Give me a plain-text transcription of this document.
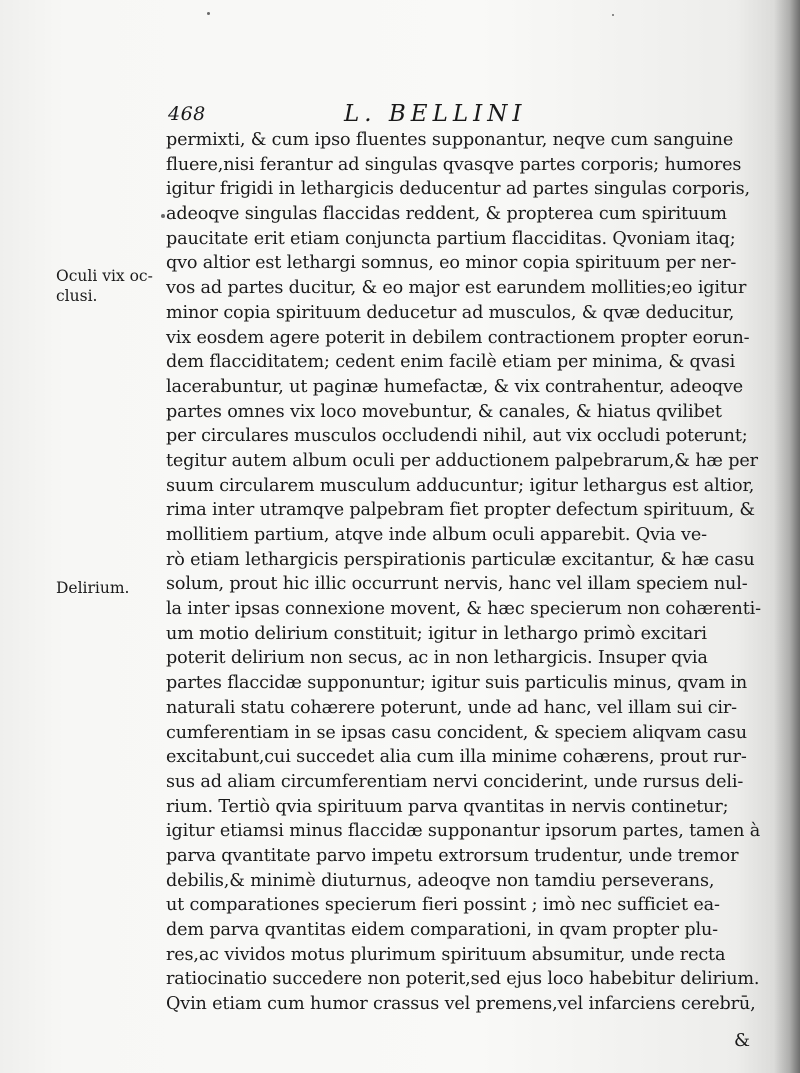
468	L. BELLINI
Oculi vix oc-
clusi.
Delirium.
permixti, & cum ipso fluentes supponantur, neqve cum sanguine
fluere,nisi ferantur ad singulas qvasqve partes corporis; humores
igitur frigidi in lethargicis deducentur ad partes singulas corporis,
adeoqve singulas flaccidas reddent, & propterea cum spirituum
paucitate erit etiam conjuncta partium flacciditas. Qvoniam itaq;
qvo altior est lethargi somnus, eo minor copia spirituum per ner-
vos ad partes ducitur, & eo major est earundem mollities;eo igitur
minor copia spirituum deducetur ad musculos, & qvæ deducitur,
vix eosdem agere poterit in debilem contractionem propter eorun-
dem flacciditatem; cedent enim facilè etiam per minima, & qvasi
lacerabuntur, ut paginæ humefactæ, & vix contrahentur, adeoqve
partes omnes vix loco movebuntur, & canales, & hiatus qvilibet
per circulares musculos occludendi nihil, aut vix occludi poterunt;
tegitur autem album oculi per adductionem palpebrarum,& hæ per
suum circularem musculum adducuntur; igitur lethargus est altior,
rima inter utramqve palpebram fiet propter defectum spirituum, &
mollitiem partium, atqve inde album oculi apparebit. Qvia ve-
rò etiam lethargicis perspirationis particulæ excitantur, & hæ casu
solum, prout hic illic occurrunt nervis, hanc vel illam speciem nul-
la inter ipsas connexione movent, & hæc specierum non cohærenti-
um motio delirium constituit; igitur in lethargo primò excitari
poterit delirium non secus, ac in non lethargicis. Insuper qvia
partes flaccidæ supponuntur; igitur suis particulis minus, qvam in
naturali statu cohærere poterunt, unde ad hanc, vel illam sui cir-
cumferentiam in se ipsas casu concident, & speciem aliqvam casu
excitabunt,cui succedet alia cum illa minime cohærens, prout rur-
sus ad aliam circumferentiam nervi conciderint, unde rursus deli-
rium. Tertiò qvia spirituum parva qvantitas in nervis continetur;
igitur etiamsi minus flaccidæ supponantur ipsorum partes, tamen à
parva qvantitate parvo impetu extrorsum trudentur, unde tremor
debilis,& minimè diuturnus, adeoqve non tamdiu perseverans,
ut comparationes specierum fieri possint ; imò nec sufficiet ea-
dem parva qvantitas eidem comparationi, in qvam propter plu-
res,ac vividos motus plurimum spirituum absumitur, unde recta
ratiocinatio succedere non poterit,sed ejus loco habebitur delirium.
Qvin etiam cum humor crassus vel premens,vel infarciens cerebrū,
&
